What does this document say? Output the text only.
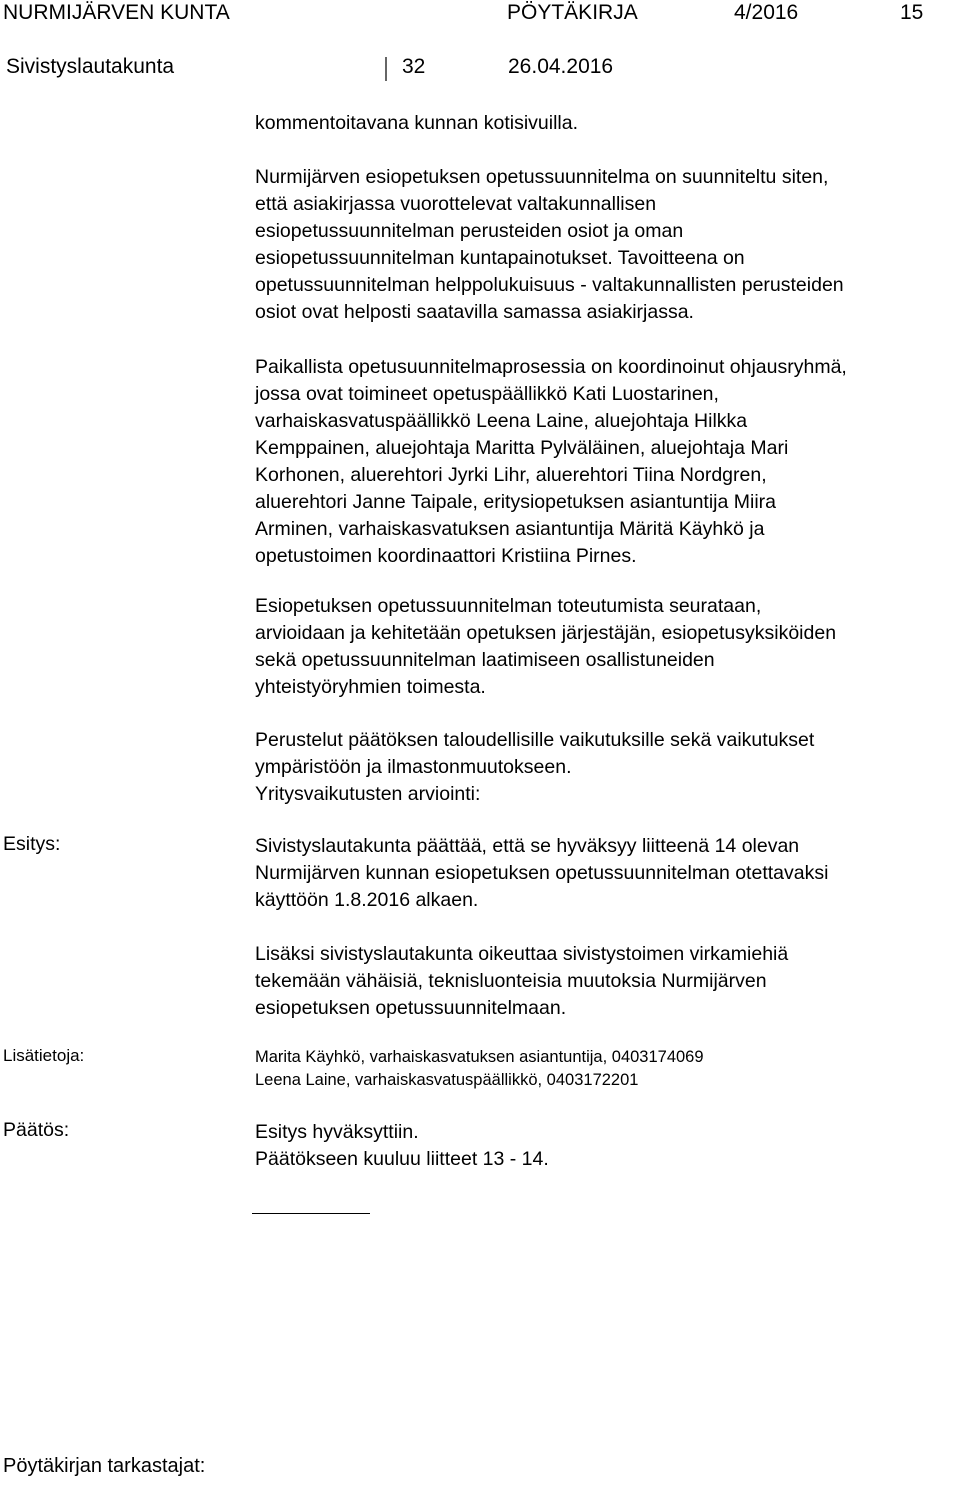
NURMIJÄRVEN KUNTA	PÖYTÄKIRJA	4/2016	15
Sivistyslautakunta	32	26.04.2016
kommentoitavana kunnan kotisivuilla.
Nurmijärven esiopetuksen opetussuunnitelma on suunniteltu siten,
että asiakirjassa vuorottelevat valtakunnallisen
esiopetussuunnitelman perusteiden osiot ja oman
esiopetussuunnitelman kuntapainotukset. Tavoitteena on
opetussuunnitelman helppolukuisuus - valtakunnallisten perusteiden
osiot ovat helposti saatavilla samassa asiakirjassa.
Paikallista opetusuunnitelmaprosessia on koordinoinut ohjausryhmä,
jossa ovat toimineet opetuspäällikkö Kati Luostarinen,
varhaiskasvatuspäällikkö Leena Laine, aluejohtaja Hilkka
Kemppainen, aluejohtaja Maritta Pylväläinen, aluejohtaja Mari
Korhonen, aluerehtori Jyrki Lihr, aluerehtori Tiina Nordgren,
aluerehtori Janne Taipale, eritysiopetuksen asiantuntija Miira
Arminen, varhaiskasvatuksen asiantuntija Märitä Käyhkö ja
opetustoimen koordinaattori Kristiina Pirnes.
Esiopetuksen opetussuunnitelman toteutumista seurataan,
arvioidaan ja kehitetään opetuksen järjestäjän, esiopetusyksiköiden
sekä opetussuunnitelman laatimiseen osallistuneiden
yhteistyöryhmien toimesta.
Perustelut päätöksen taloudellisille vaikutuksille sekä vaikutukset
ympäristöön ja ilmastonmuutokseen.
Yritysvaikutusten arviointi:
Esitys:	Sivistyslautakunta päättää, että se hyväksyy liitteenä 14 olevan
Nurmijärven kunnan esiopetuksen opetussuunnitelman otettavaksi
käyttöön 1.8.2016 alkaen.
Lisäksi sivistyslautakunta oikeuttaa sivistystoimen virkamiehiä
tekemään vähäisiä, teknisluonteisia muutoksia Nurmijärven
esiopetuksen opetussuunnitelmaan.
Lisätietoja:	Marita Käyhkö, varhaiskasvatuksen asiantuntija, 0403174069
Leena Laine, varhaiskasvatuspäällikkö, 0403172201
Päätös:	Esitys hyväksyttiin.
Päätökseen kuuluu liitteet 13 - 14.
Pöytäkirjan tarkastajat:
